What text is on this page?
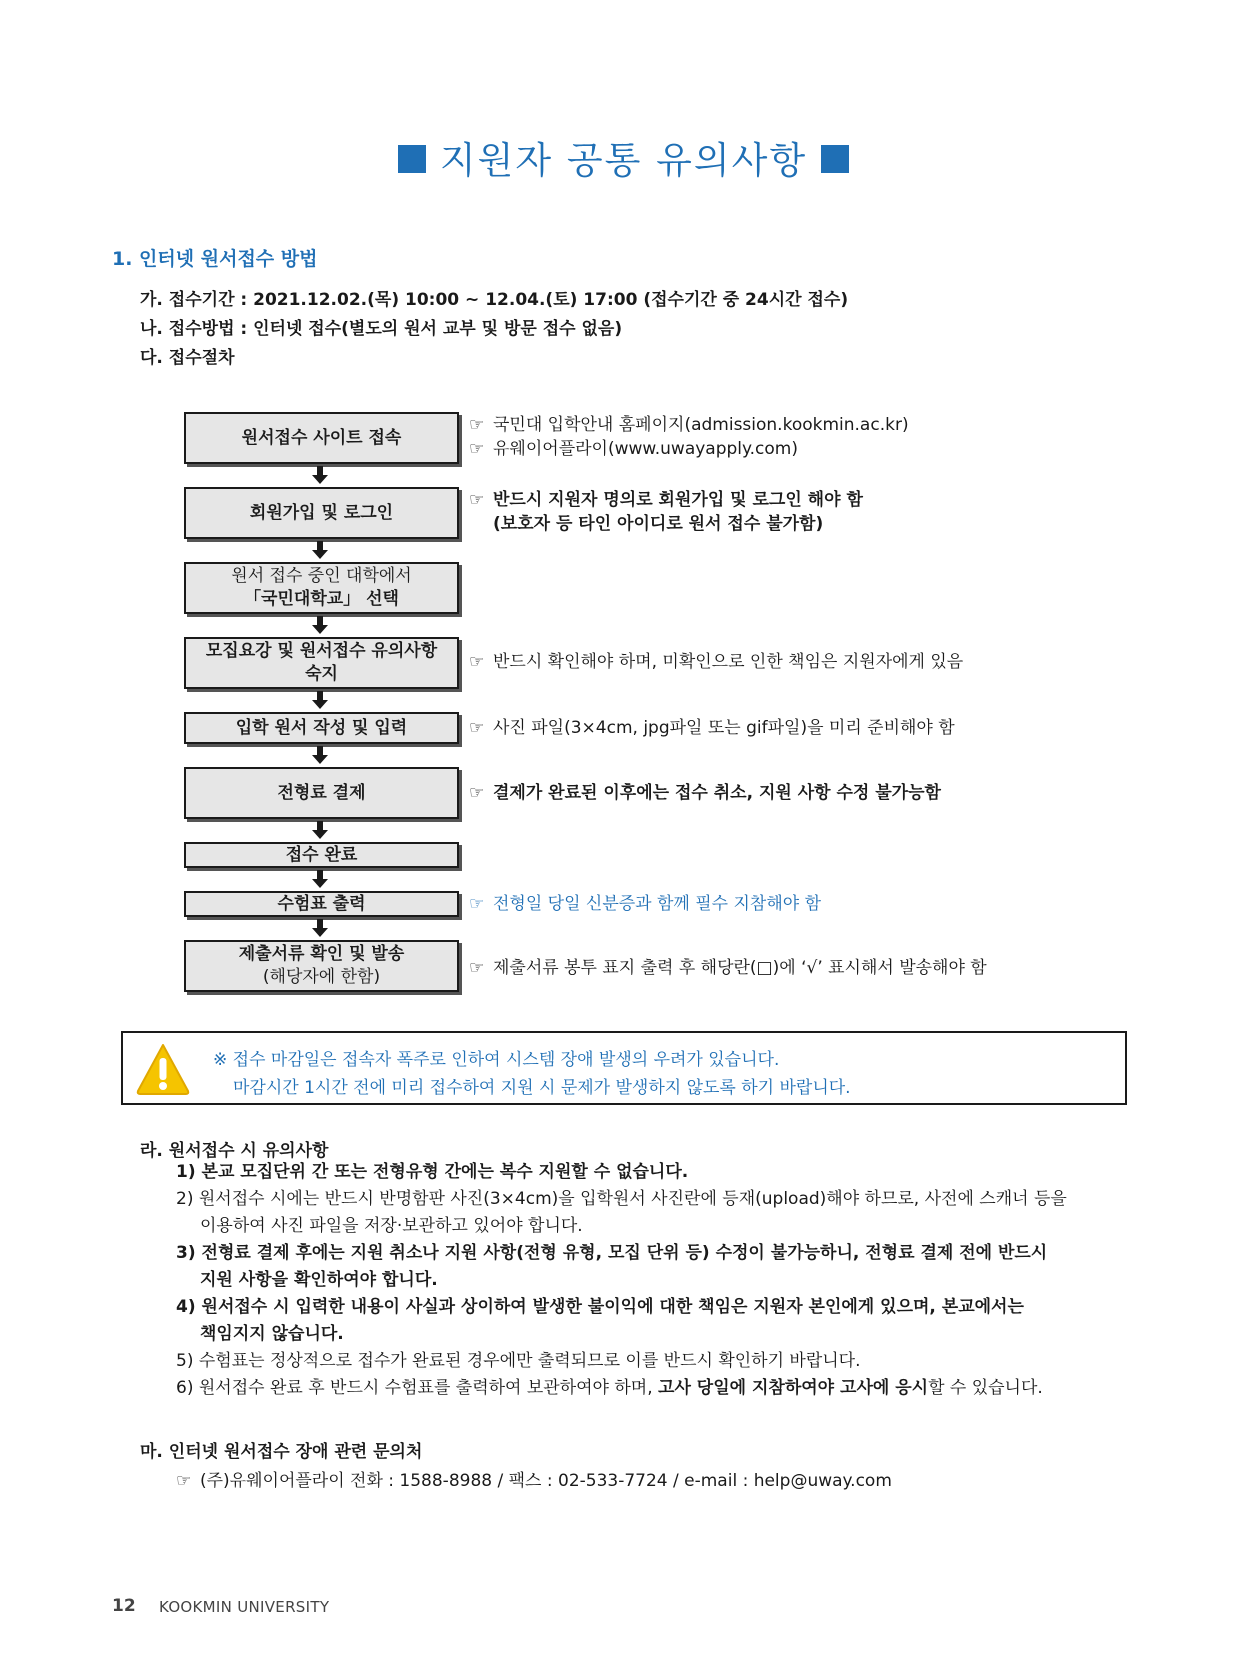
지원자 공통 유의사항
1. 인터넷 원서접수 방법
가. 접수기간 : 2021.12.02.(목) 10:00 ~ 12.04.(토) 17:00 (접수기간 중 24시간 접수)
나. 접수방법 : 인터넷 접수(별도의 원서 교부 및 방문 접수 없음)
다. 접수절차
원서접수 사이트 접속
회원가입 및 로그인
원서 접수 중인 대학에서
「국민대학교」 선택
모집요강 및 원서접수 유의사항
숙지
입학 원서 작성 및 입력
전형료 결제
접수 완료
수험표 출력
제출서류 확인 및 발송
(해당자에 한함)
☞ 국민대 입학안내 홈페이지(admission.kookmin.ac.kr)
☞ 유웨이어플라이(www.uwayapply.com)
☞ 반드시 지원자 명의로 회원가입 및 로그인 해야 함
(보호자 등 타인 아이디로 원서 접수 불가함)
☞ 반드시 확인해야 하며, 미확인으로 인한 책임은 지원자에게 있음
☞ 사진 파일(3×4cm, jpg파일 또는 gif파일)을 미리 준비해야 함
☞ 결제가 완료된 이후에는 접수 취소, 지원 사항 수정 불가능함
☞ 전형일 당일 신분증과 함께 필수 지참해야 함
☞ 제출서류 봉투 표지 출력 후 해당란(□)에 ‘√’ 표시해서 발송해야 함
※ 접수 마감일은 접속자 폭주로 인하여 시스템 장애 발생의 우려가 있습니다.
마감시간 1시간 전에 미리 접수하여 지원 시 문제가 발생하지 않도록 하기 바랍니다.
라. 원서접수 시 유의사항
1) 본교 모집단위 간 또는 전형유형 간에는 복수 지원할 수 없습니다.
2) 원서접수 시에는 반드시 반명함판 사진(3×4cm)을 입학원서 사진란에 등재(upload)해야 하므로, 사전에 스캐너 등을
이용하여 사진 파일을 저장·보관하고 있어야 합니다.
3) 전형료 결제 후에는 지원 취소나 지원 사항(전형 유형, 모집 단위 등) 수정이 불가능하니, 전형료 결제 전에 반드시
지원 사항을 확인하여야 합니다.
4) 원서접수 시 입력한 내용이 사실과 상이하여 발생한 불이익에 대한 책임은 지원자 본인에게 있으며, 본교에서는
책임지지 않습니다.
5) 수험표는 정상적으로 접수가 완료된 경우에만 출력되므로 이를 반드시 확인하기 바랍니다.
6) 원서접수 완료 후 반드시 수험표를 출력하여 보관하여야 하며, 고사 당일에 지참하여야 고사에 응시할 수 있습니다.
마. 인터넷 원서접수 장애 관련 문의처
☞ (주)유웨이어플라이 전화 : 1588-8988 / 팩스 : 02-533-7724 / e-mail : help@uway.com
12 KOOKMIN UNIVERSITY
